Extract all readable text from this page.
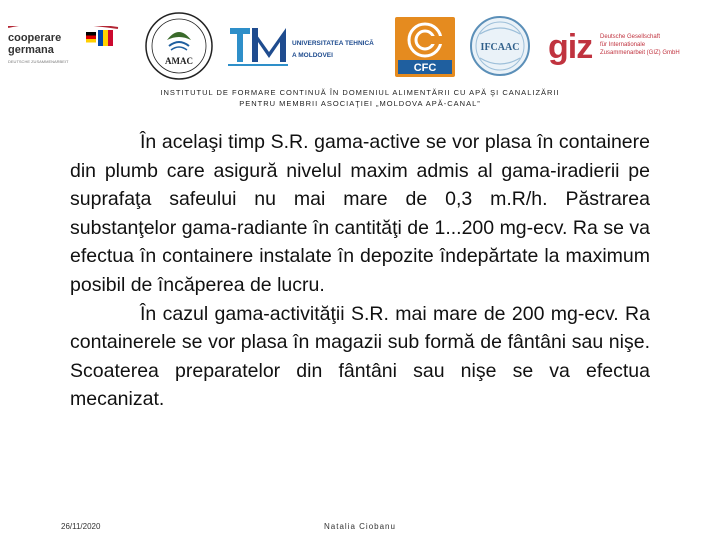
cooperare
germana
DEUTSCHE ZUSAMMENARBEIT	AMAC
UNIVERSITATEA TEHNICĂ
A MOLDOVEI
CFC
IFCAAC giz Deutsche Gesellschaft
für Internationale
Zusammenarbeit (GIZ) GmbH
INSTITUTUL DE FORMARE CONTINUĂ ÎN DOMENIUL ALIMENTĂRII CU APĂ ŞI CANALIZĂRII
PENTRU MEMBRII ASOCIAŢIEI „MOLDOVA APĂ-CANAL”

În acelaşi timp S.R. gama-active se vor plasa în containere din plumb care asigură nivelul maxim admis al gama-iradierii pe suprafaţa safeului nu mai mare de 0,3 m.R/h. Păstrarea substanţelor gama-radiante în cantităţi de 1...200 mg-ecv. Ra se va efectua în containere instalate în depozite îndepărtate la maximum posibil de încăperea de lucru.

În cazul gama-activităţii S.R. mai mare de 200 mg-ecv. Ra containerele se vor plasa în magazii sub formă de fântâni sau nişe. Scoaterea preparatelor din fântâni sau nişe se va efectua mecanizat.

26/11/2020	Natalia Ciobanu
